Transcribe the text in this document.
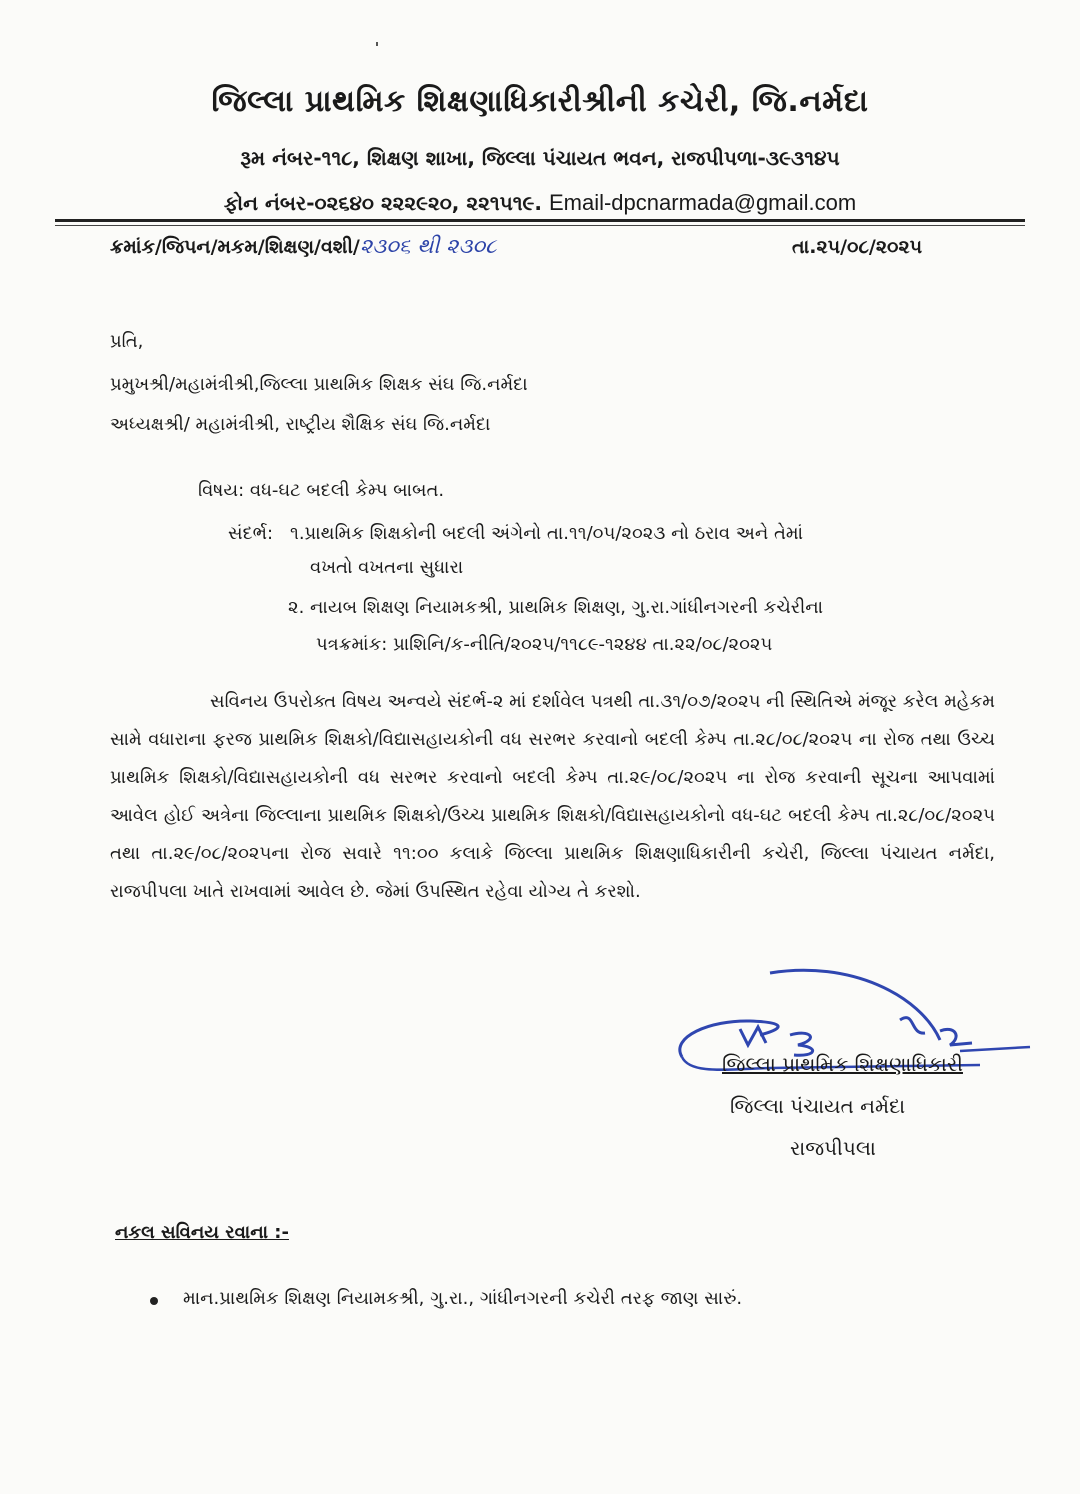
જિલ્લા પ્રાથમિક શિક્ષણાધિકારીશ્રીની કચેરી, જિ.નર્મદા
રૂમ નંબર-૧૧૮, શિક્ષણ શાખા, જિલ્લા પંચાયત ભવન, રાજપીપળા-૩૯૩૧૪૫
ફોન નંબર-૦૨૬૪૦ ૨૨૨૯૨૦, ૨૨૧૫૧૯. Email-dpcnarmada@gmail.com
ક્રમાંક/જિપન/મકમ/શિક્ષણ/વશી/૨૩૦૬ થી ૨૩૦૮	તા.૨૫/૦૮/૨૦૨૫
પ્રતિ,
પ્રમુખશ્રી/મહામંત્રીશ્રી,જિલ્લા પ્રાથમિક શિક્ષક સંઘ જિ.નર્મદા
અધ્યક્ષશ્રી/ મહામંત્રીશ્રી, રાષ્ટ્રીય શૈક્ષિક સંઘ જિ.નર્મદા
વિષય: વધ-ઘટ બદલી કેમ્પ બાબત.
સંદર્ભ: ૧.પ્રાથમિક શિક્ષકોની બદલી અંગેનો તા.૧૧/૦૫/૨૦૨૩ નો ઠરાવ અને તેમાં
વખતો વખતના સુધારા
૨. નાયબ શિક્ષણ નિયામકશ્રી, પ્રાથમિક શિક્ષણ, ગુ.રા.ગાંધીનગરની કચેરીના
પત્રક્રમાંક: પ્રાશિનિ/ક-નીતિ/૨૦૨૫/૧૧૮૯-૧૨૪૪ તા.૨૨/૦૮/૨૦૨૫
સવિનય ઉપરોક્ત વિષય અન્વયે સંદર્ભ-૨ માં દર્શાવેલ પત્રથી તા.૩૧/૦૭/૨૦૨૫ ની સ્થિતિએ મંજૂર કરેલ મહેકમ સામે વધારાના ફરજ પ્રાથમિક શિક્ષકો/વિદ્યાસહાયકોની વધ સરભર કરવાનો બદલી કેમ્પ તા.૨૮/૦૮/૨૦૨૫ ના રોજ તથા ઉચ્ચ પ્રાથમિક શિક્ષકો/વિદ્યાસહાયકોની વધ સરભર કરવાનો બદલી કેમ્પ તા.૨૯/૦૮/૨૦૨૫ ના રોજ કરવાની સૂચના આપવામાં આવેલ હોઈ અત્રેના જિલ્લાના પ્રાથમિક શિક્ષકો/ઉચ્ચ પ્રાથમિક શિક્ષકો/વિદ્યાસહાયકોનો વધ-ઘટ બદલી કેમ્પ તા.૨૮/૦૮/૨૦૨૫ તથા તા.૨૯/૦૮/૨૦૨૫ના રોજ સવારે ૧૧:૦૦ કલાકે જિલ્લા પ્રાથમિક શિક્ષણાધિકારીની કચેરી, જિલ્લા પંચાયત નર્મદા, રાજપીપલા ખાતે રાખવામાં આવેલ છે. જેમાં ઉપસ્થિત રહેવા યોગ્ય તે કરશો.
જિલ્લા પ્રાથમિક શિક્ષણાધિકારી
જિલ્લા પંચાયત નર્મદા
રાજપીપલા
નકલ સવિનય રવાના :-
માન.પ્રાથમિક શિક્ષણ નિયામકશ્રી, ગુ.રા., ગાંધીનગરની કચેરી તરફ જાણ સારું.
